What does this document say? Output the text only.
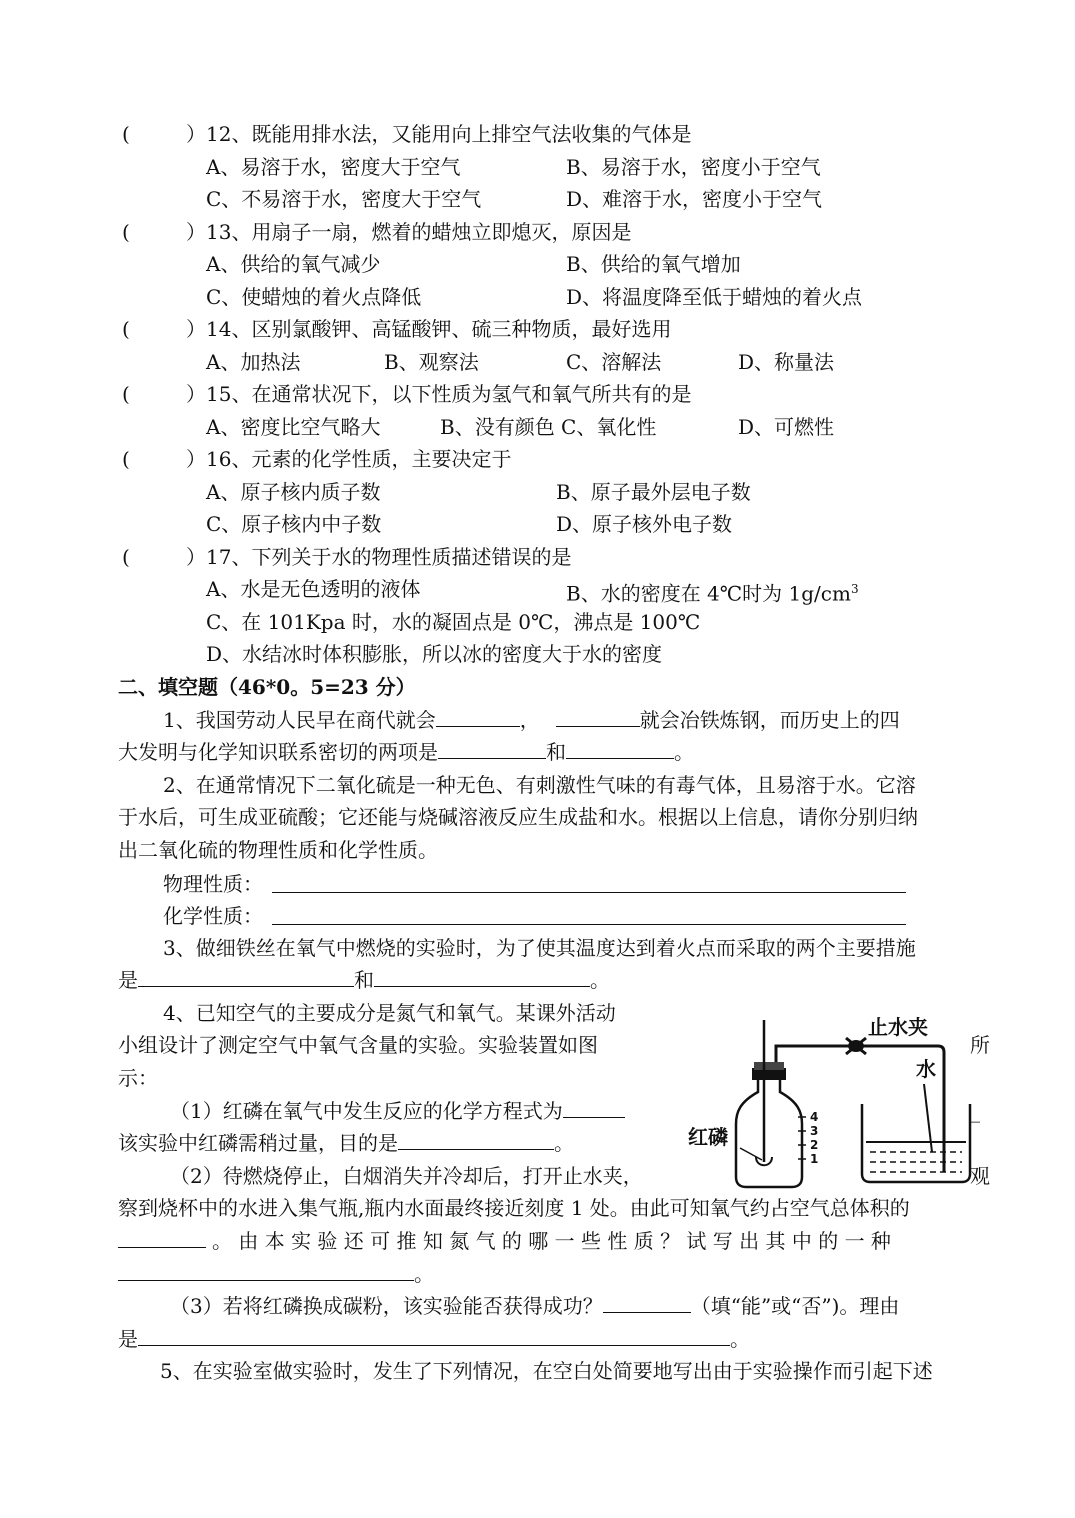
(	）12、既能用排水法，又能用向上排空气法收集的气体是
A、易溶于水，密度大于空气	B、易溶于水，密度小于空气
C、不易溶于水，密度大于空气	D、难溶于水，密度小于空气
(	）13、用扇子一扇，燃着的蜡烛立即熄灭，原因是
A、供给的氧气减少	B、供给的氧气增加
C、使蜡烛的着火点降低	D、将温度降至低于蜡烛的着火点
(	）14、区别氯酸钾、高锰酸钾、硫三种物质，最好选用
A、加热法	B、观察法	C、溶解法	D、称量法
(	）15、在通常状况下，以下性质为氢气和氧气所共有的是
A、密度比空气略大	B、没有颜色 C、氧化性	D、可燃性
(	）16、元素的化学性质，主要决定于
A、原子核内质子数	B、原子最外层电子数
C、原子核内中子数	D、原子核外电子数
(	）17、下列关于水的物理性质描述错误的是
A、水是无色透明的液体	B、水的密度在 4℃时为 $1g/cm^3$
C、在 101Kpa 时，水的凝固点是 0℃，沸点是 100℃
D、水结冰时体积膨胀，所以冰的密度大于水的密度
二、填空题（46*0。5=23 分）
1、我国劳动人民早在商代就会	，	就会冶铁炼钢，而历史上的四
大发明与化学知识联系密切的两项是	和	。
2、在通常情况下二氧化硫是一种无色、有刺激性气味的有毒气体，且易溶于水。它溶
于水后，可生成亚硫酸；它还能与烧碱溶液反应生成盐和水。根据以上信息，请你分别归纳
出二氧化硫的物理性质和化学性质。
物理性质：
化学性质：
3、做细铁丝在氧气中燃烧的实验时，为了使其温度达到着火点而采取的两个主要措施
是	和	。
4、已知空气的主要成分是氮气和氧气。某课外活动
小组设计了测定空气中氧气含量的实验。实验装置如图	所
示：
（1）红磷在氧气中发生反应的化学方程式为	_
该实验中红磷需稍过量，目的是	。
（2）待燃烧停止，白烟消失并冷却后，打开止水夹，	观
察到烧杯中的水进入集气瓶,瓶内水面最终接近刻度 1 处。由此可知氧气约占空气总体积的
。 由 本 实 验 还 可 推 知 氮 气 的 哪 一 些 性 质 ？ 试 写 出 其 中 的 一 种
。
（3）若将红磷换成碳粉，该实验能否获得成功？	（填“能”或“否”)。理由
是	。
5、在实验室做实验时，发生了下列情况，在空白处简要地写出由于实验操作而引起下述
止水夹
水
4
3
2
1
红磷
